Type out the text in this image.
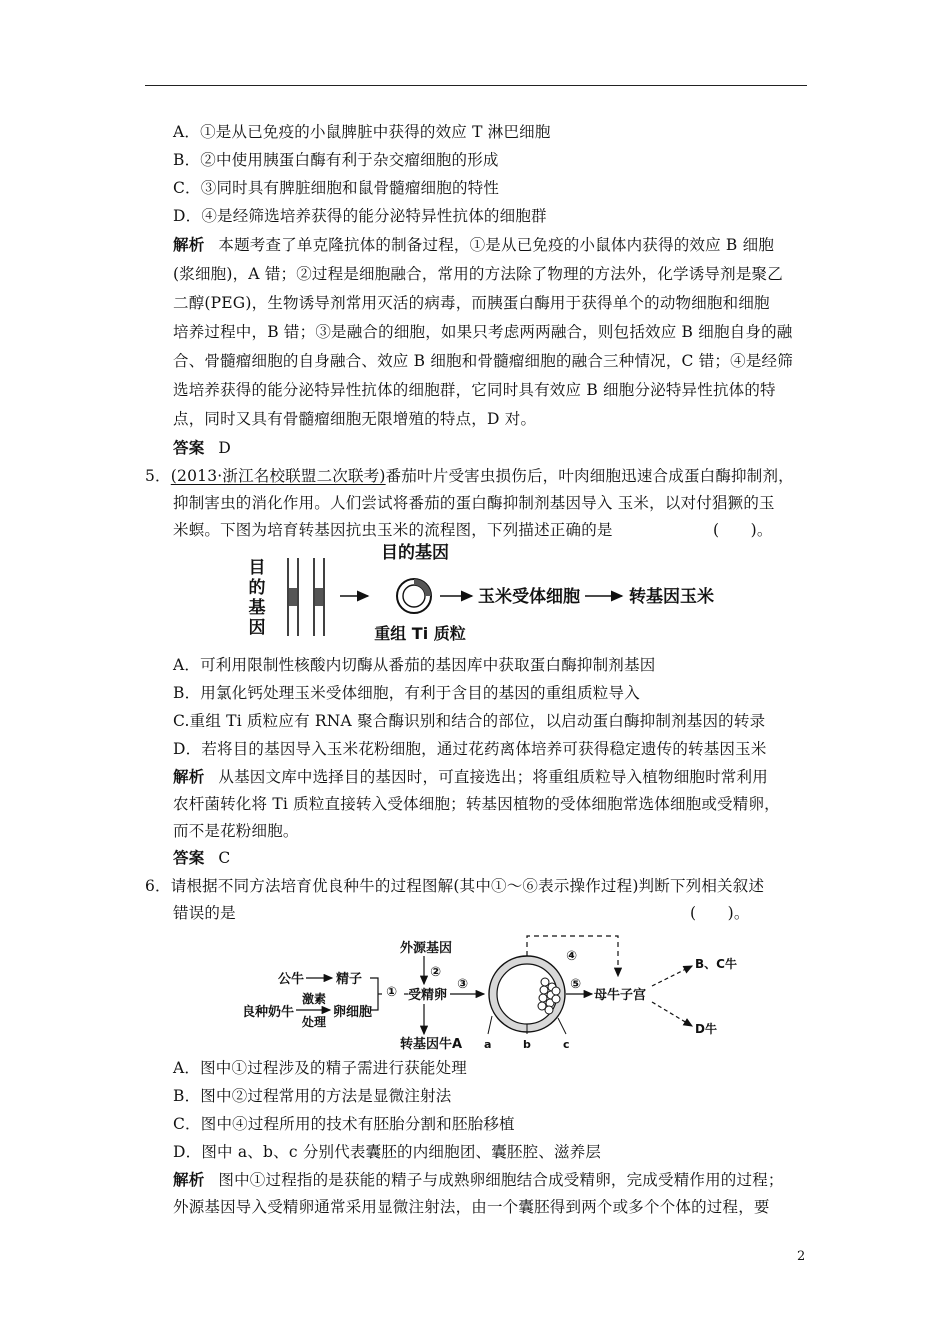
A．①是从已免疫的小鼠脾脏中获得的效应 T 淋巴细胞
B．②中使用胰蛋白酶有利于杂交瘤细胞的形成
C．③同时具有脾脏细胞和鼠骨髓瘤细胞的特性
D．④是经筛选培养获得的能分泌特异性抗体的细胞群
解析 本题考查了单克隆抗体的制备过程，①是从已免疫的小鼠体内获得的效应 B 细胞
(浆细胞)，A 错；②过程是细胞融合，常用的方法除了物理的方法外，化学诱导剂是聚乙
二醇(PEG)，生物诱导剂常用灭活的病毒，而胰蛋白酶用于获得单个的动物细胞和细胞
培养过程中，B 错；③是融合的细胞，如果只考虑两两融合，则包括效应 B 细胞自身的融
合、骨髓瘤细胞的自身融合、效应 B 细胞和骨髓瘤细胞的融合三种情况，C 错；④是经筛
选培养获得的能分泌特异性抗体的细胞群，它同时具有效应 B 细胞分泌特异性抗体的特
点，同时又具有骨髓瘤细胞无限增殖的特点，D 对。
答案 D
5．(2013·浙江名校联盟二次联考)番茄叶片受害虫损伤后，叶肉细胞迅速合成蛋白酶抑制剂，
抑制害虫的消化作用。人们尝试将番茄的蛋白酶抑制剂基因导入 玉米，以对付猖獗的玉
米螟。下图为培育转基因抗虫玉米的流程图，下列描述正确的是	(　　)。
目
的
基
因
目的基因
重组 Ti 质粒
玉米受体细胞	转基因玉米
A．可利用限制性核酸内切酶从番茄的基因库中获取蛋白酶抑制剂基因
B．用氯化钙处理玉米受体细胞，有利于含目的基因的重组质粒导入
C.重组 Ti 质粒应有 RNA 聚合酶识别和结合的部位，以启动蛋白酶抑制剂基因的转录
D．若将目的基因导入玉米花粉细胞，通过花药离体培养可获得稳定遗传的转基因玉米
解析 从基因文库中选择目的基因时，可直接选出；将重组质粒导入植物细胞时常利用
农杆菌转化将 Ti 质粒直接转入受体细胞；转基因植物的受体细胞常选体细胞或受精卵，
而不是花粉细胞。
答案 C
6．请根据不同方法培育优良种牛的过程图解(其中①～⑥表示操作过程)判断下列相关叙述
错误的是	(　　)。
公牛 精子
良种奶牛
激素
处理
卵细胞
①
外源基因
②
受精卵
转基因牛A
③
a	b	c
④
⑤
母牛子宫
B、C牛
D牛
A．图中①过程涉及的精子需进行获能处理
B．图中②过程常用的方法是显微注射法
C．图中④过程所用的技术有胚胎分割和胚胎移植
D．图中 a、b、c 分别代表囊胚的内细胞团、囊胚腔、滋养层
解析 图中①过程指的是获能的精子与成熟卵细胞结合成受精卵，完成受精作用的过程；
外源基因导入受精卵通常采用显微注射法，由一个囊胚得到两个或多个个体的过程，要
2
